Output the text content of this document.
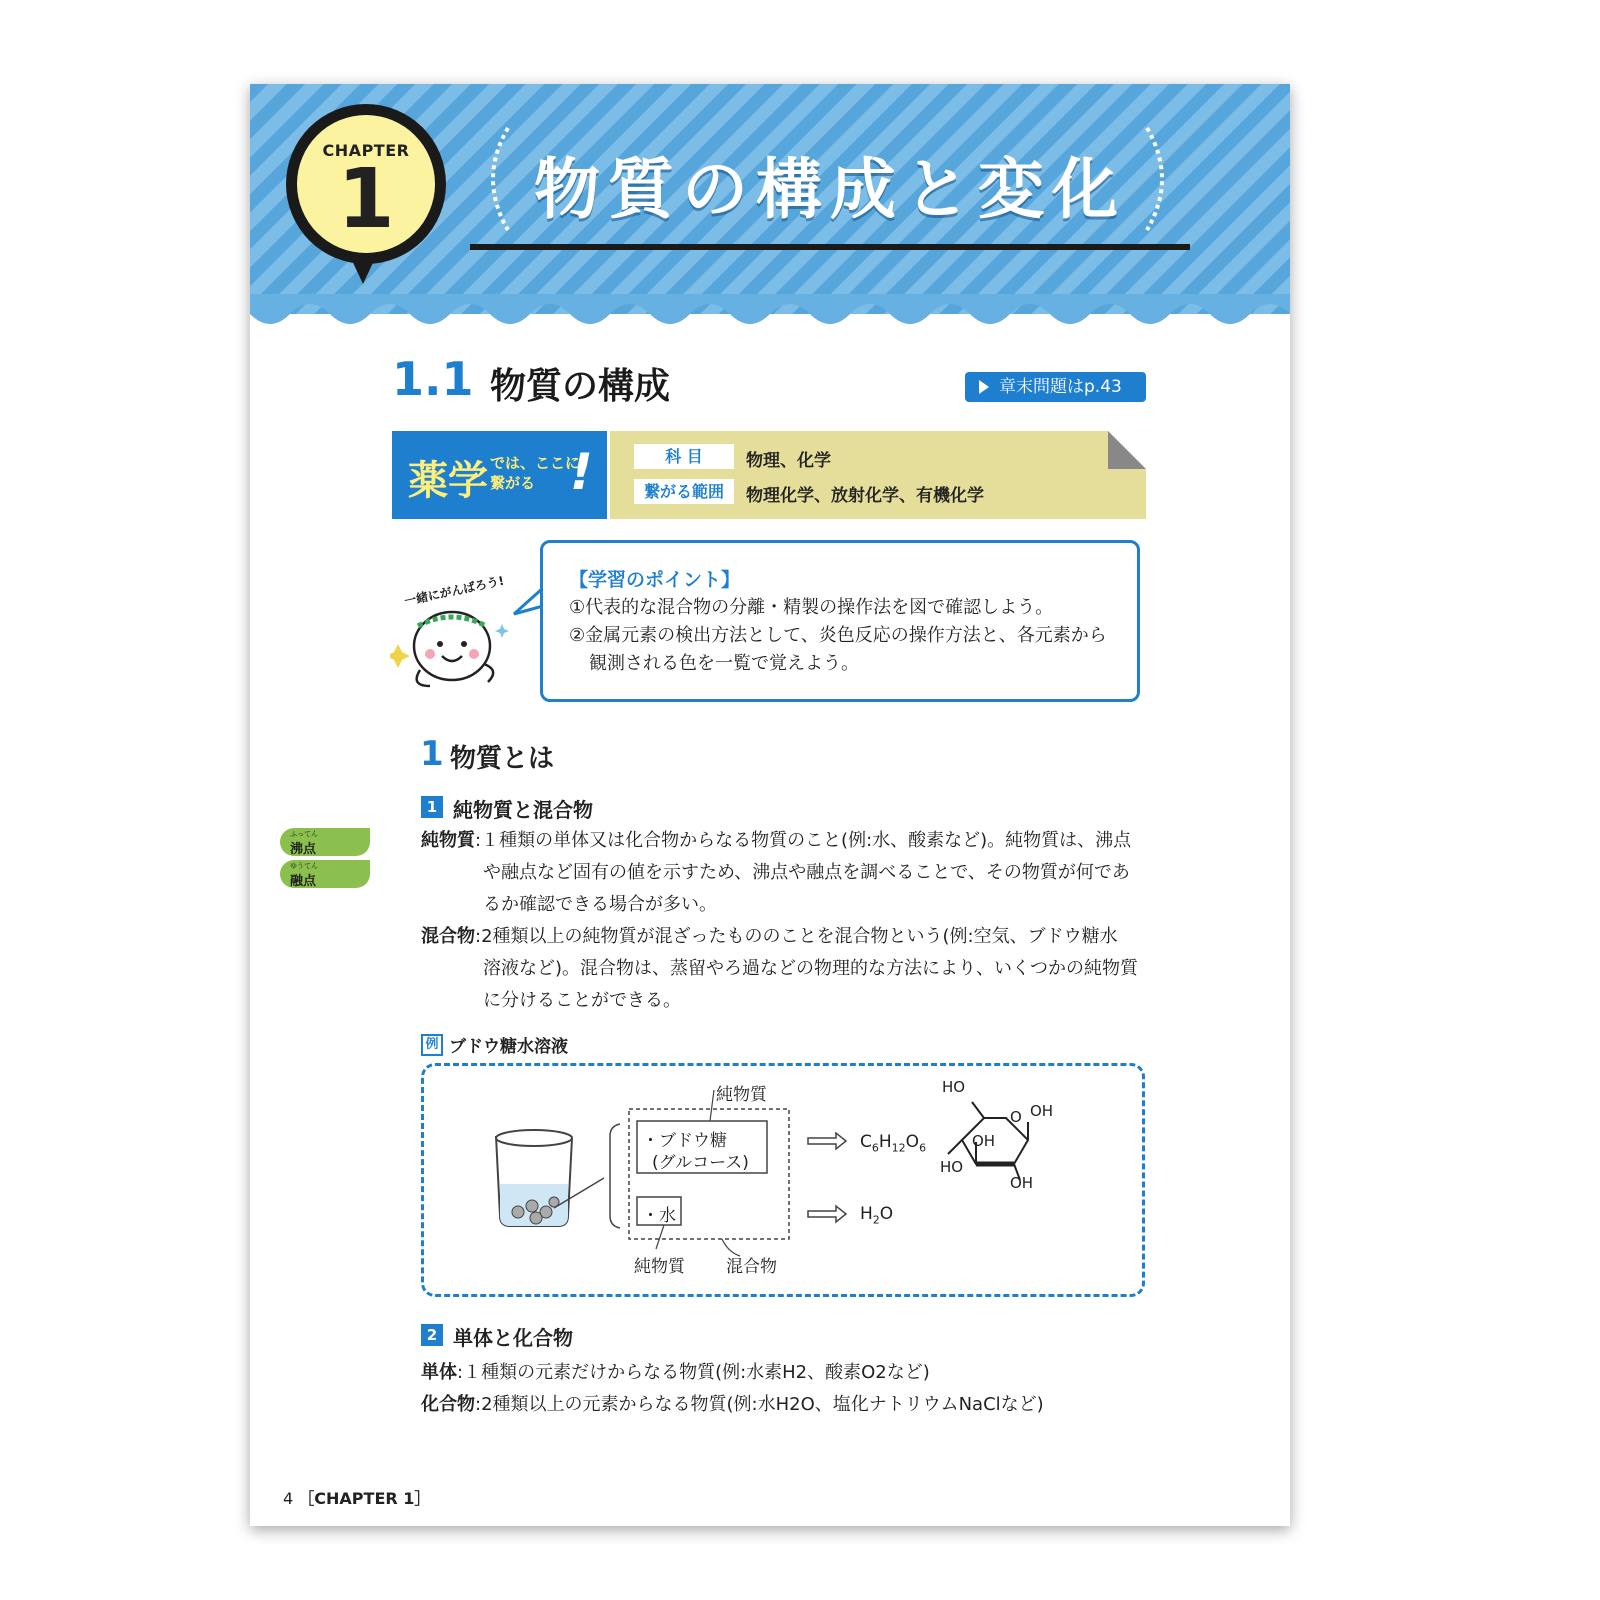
CHAPTER
1	物質の構成と変化
1.1 物質の構成	章末問題はp.43
薬学 では、ここに
繋がる !	科 目	物理、化学
繋がる範囲	物理化学、放射化学、有機化学
一緒にがんばろう!	【学習のポイント】
①代表的な混合物の分離・精製の操作法を図で確認しよう。
②金属元素の検出方法として、炎色反応の操作方法と、各元素から
観測される色を一覧で覚えよう。
1 物質とは
1 純物質と混合物
ふってん
沸点
ゆうてん
融点
純物質:１種類の単体又は化合物からなる物質のこと(例:水、酸素など)。純物質は、沸点
や融点など固有の値を示すため、沸点や融点を調べることで、その物質が何であ
るか確認できる場合が多い。
混合物:2種類以上の純物質が混ざったもののことを混合物という(例:空気、ブドウ糖水
溶液など)。混合物は、蒸留やろ過などの物理的な方法により、いくつかの純物質
に分けることができる。
例 ブドウ糖水溶液
純物質
・ブドウ糖
(グルコース)
・水
純物質 混合物
$C_6H_{12}O_6$
$H_2O$
HO
O OH
OH
HO
OH
2 単体と化合物
単体:１種類の元素だけからなる物質(例:水素H2、酸素O2など)
化合物:2種類以上の元素からなる物質(例:水H2O、塩化ナトリウムNaClなど)
4 ［CHAPTER 1］
